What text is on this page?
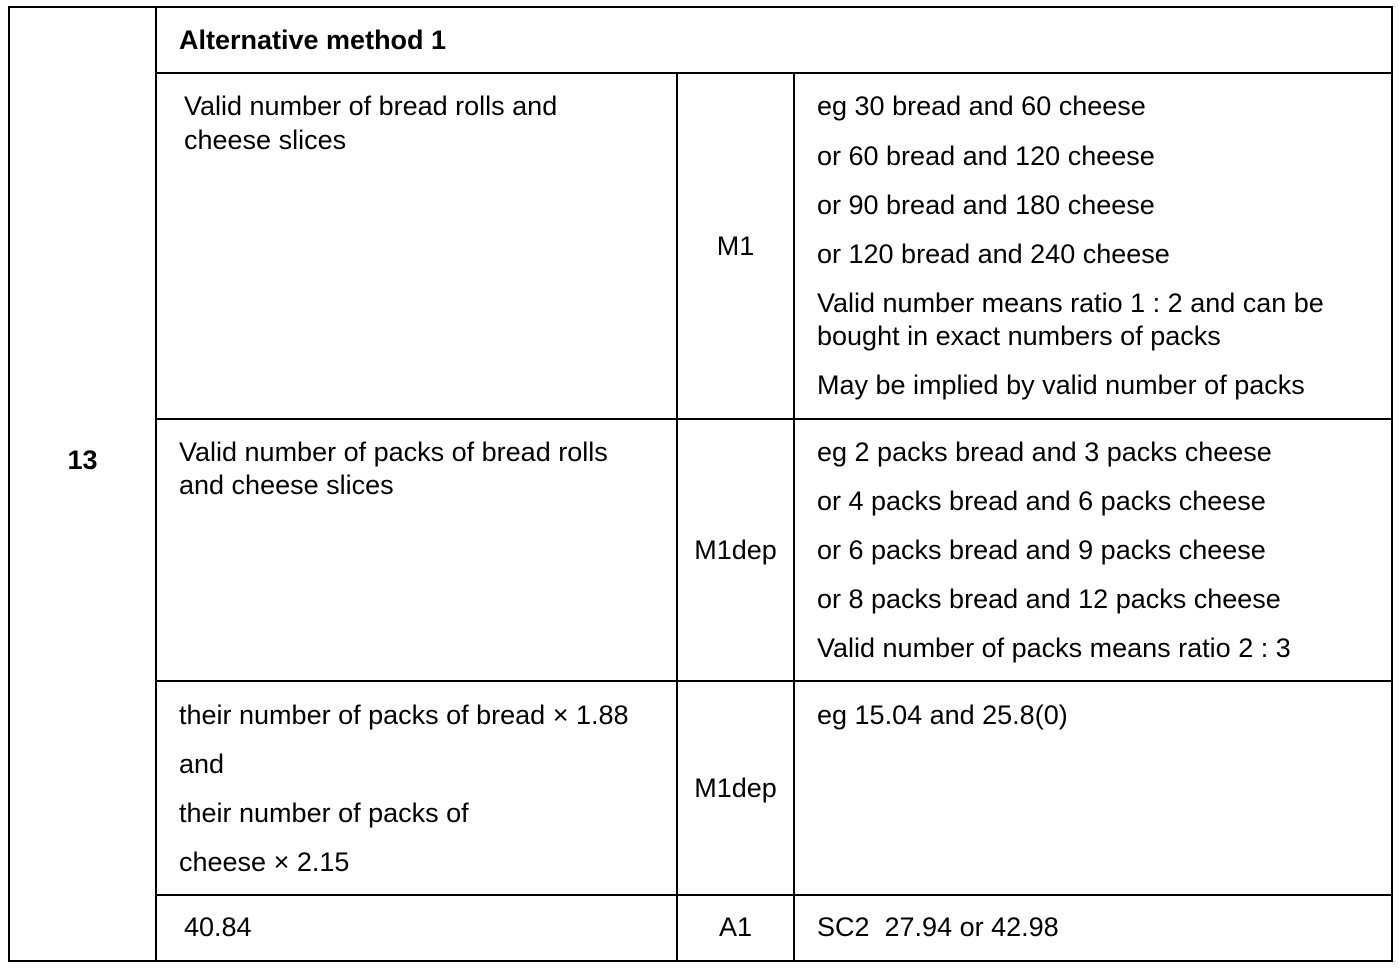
13
Alternative method 1
Valid number of bread rolls and
cheese slices
M1
eg 30 bread and 60 cheese
or 60 bread and 120 cheese
or 90 bread and 180 cheese
or 120 bread and 240 cheese
Valid number means ratio 1 : 2 and can be
bought in exact numbers of packs
May be implied by valid number of packs
Valid number of packs of bread rolls
and cheese slices
M1dep
eg 2 packs bread and 3 packs cheese
or 4 packs bread and 6 packs cheese
or 6 packs bread and 9 packs cheese
or 8 packs bread and 12 packs cheese
Valid number of packs means ratio 2 : 3
their number of packs of bread × 1.88
and
their number of packs of
cheese × 2.15
M1dep
eg 15.04 and 25.8(0)
40.84	A1	SC2  27.94 or 42.98
